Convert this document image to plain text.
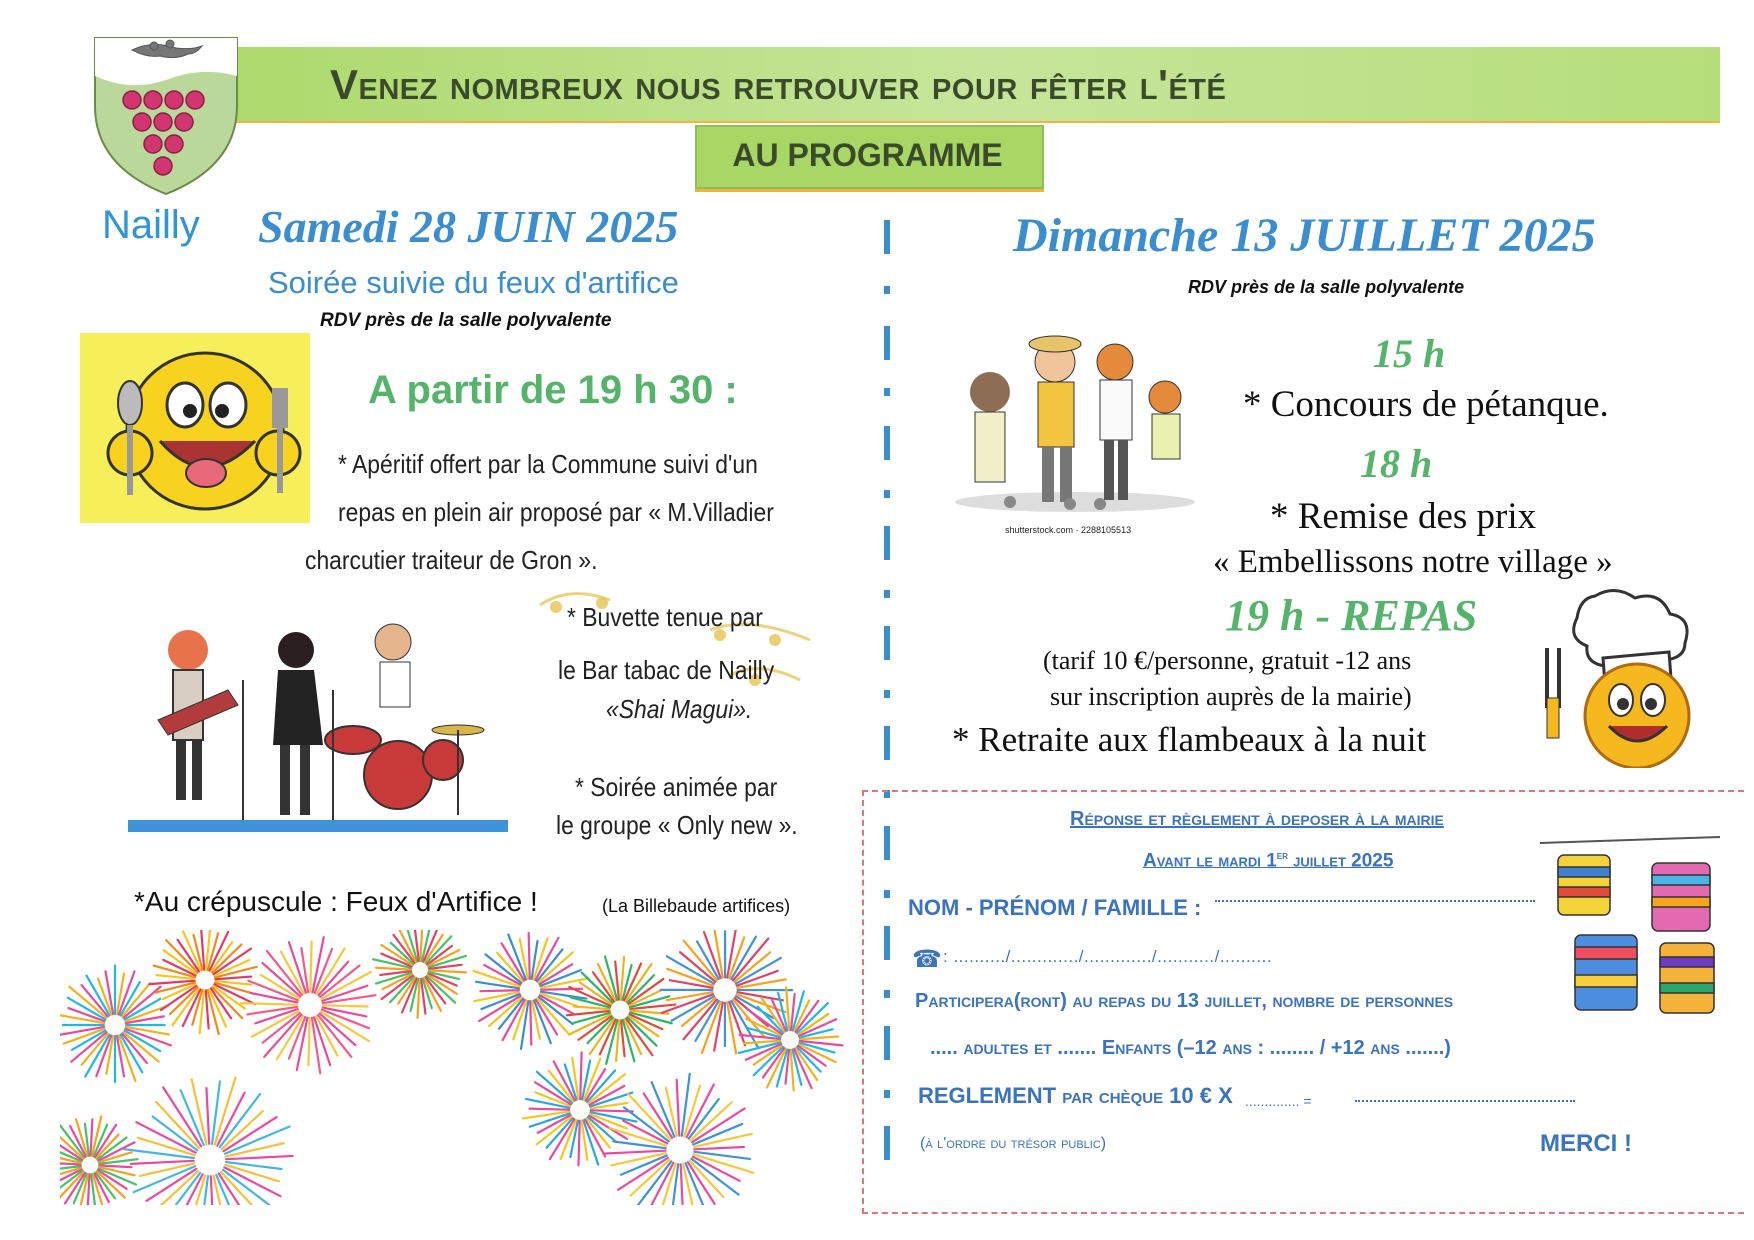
Venez nombreux nous retrouver pour fêter l'été
AU PROGRAMME
Nailly Samedi 28 JUIN 2025
Soirée suivie du feux d'artifice
RDV près de la salle polyvalente
A partir de 19 h 30 :
* Apéritif offert par la Commune suivi d'un
repas en plein air proposé par « M.Villadier
charcutier traiteur de Gron ».
* Buvette tenue par
le Bar tabac de Nailly
«Shai Magui».
* Soirée animée par
le groupe « Only new ».
*Au crépuscule : Feux d'Artifice !	(La Billebaude artifices)
Dimanche 13 JUILLET 2025
RDV près de la salle polyvalente
shutterstock.com · 2288105513
15 h
* Concours de pétanque.
18 h
* Remise des prix
« Embellissons notre village »
19 h - REPAS
(tarif 10 €/personne, gratuit -12 ans
sur inscription auprès de la mairie)
* Retraite aux flambeaux à la nuit
Réponse et règlement à deposer à la mairie
Avant le mardi 1er juillet 2025
NOM - PRÉNOM / FAMILLE :
☎ : ........../............./............./.........../..........
Participera(ront) au repas du 13 juillet, nombre de personnes
..... adultes et ....... Enfants (–12 ans : ........ / +12 ans .......)
REGLEMENT par chèque 10 € X .............. =
(à l'ordre du trésor public)	MERCI !
